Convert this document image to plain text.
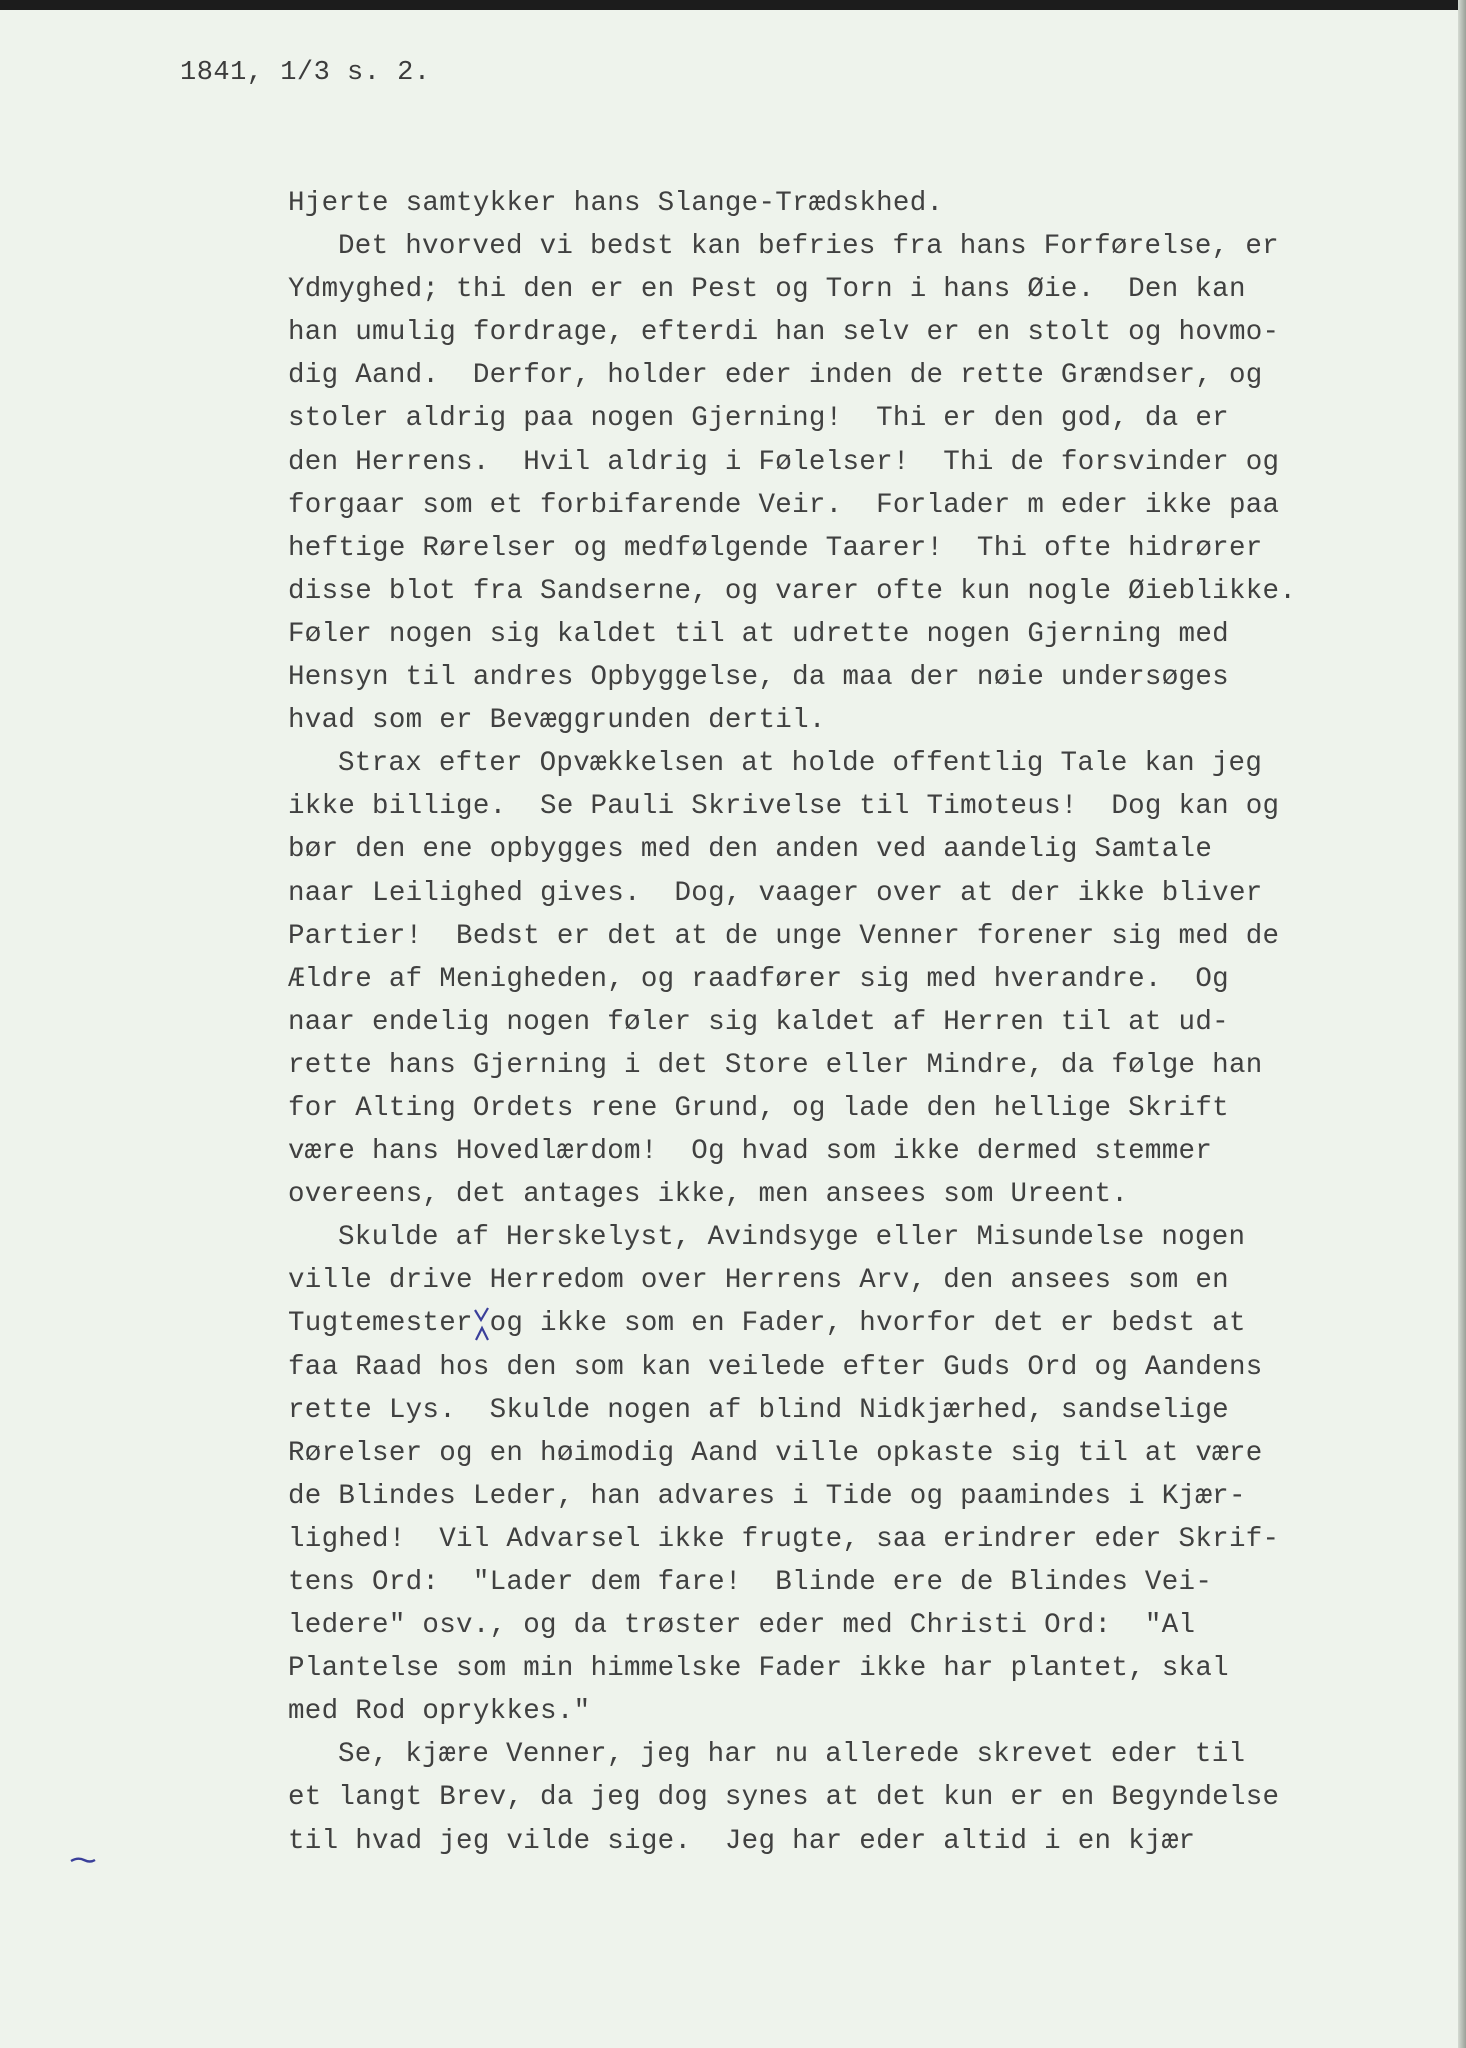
1841, 1/3 s. 2.
Hjerte samtykker hans Slange-Trædskhed.
Det hvorved vi bedst kan befries fra hans Forførelse, er
Ydmyghed; thi den er en Pest og Torn i hans Øie.  Den kan
han umulig fordrage, efterdi han selv er en stolt og hovmo-
dig Aand.  Derfor, holder eder inden de rette Grændser, og
stoler aldrig paa nogen Gjerning!  Thi er den god, da er
den Herrens.  Hvil aldrig i Følelser!  Thi de forsvinder og
forgaar som et forbifarende Veir.  Forlader m eder ikke paa
heftige Rørelser og medfølgende Taarer!  Thi ofte hidrører
disse blot fra Sandserne, og varer ofte kun nogle Øieblikke.
Føler nogen sig kaldet til at udrette nogen Gjerning med
Hensyn til andres Opbyggelse, da maa der nøie undersøges
hvad som er Bevæggrunden dertil.
Strax efter Opvækkelsen at holde offentlig Tale kan jeg
ikke billige.  Se Pauli Skrivelse til Timoteus!  Dog kan og
bør den ene opbygges med den anden ved aandelig Samtale
naar Leilighed gives.  Dog, vaager over at der ikke bliver
Partier!  Bedst er det at de unge Venner forener sig med de
Ældre af Menigheden, og raadfører sig med hverandre.  Og
naar endelig nogen føler sig kaldet af Herren til at ud-
rette hans Gjerning i det Store eller Mindre, da følge han
for Alting Ordets rene Grund, og lade den hellige Skrift
være hans Hovedlærdom!  Og hvad som ikke dermed stemmer
overeens, det antages ikke, men ansees som Ureent.
Skulde af Herskelyst, Avindsyge eller Misundelse nogen
ville drive Herredom over Herrens Arv, den ansees som en
Tugtemester og ikke som en Fader, hvorfor det er bedst at
faa Raad hos den som kan veilede efter Guds Ord og Aandens
rette Lys.  Skulde nogen af blind Nidkjærhed, sandselige
Rørelser og en høimodig Aand ville opkaste sig til at være
de Blindes Leder, han advares i Tide og paamindes i Kjær-
lighed!  Vil Advarsel ikke frugte, saa erindrer eder Skrif-
tens Ord:  "Lader dem fare!  Blinde ere de Blindes Vei-
ledere" osv., og da trøster eder med Christi Ord:  "Al
Plantelse som min himmelske Fader ikke har plantet, skal
med Rod oprykkes."
Se, kjære Venner, jeg har nu allerede skrevet eder til
et langt Brev, da jeg dog synes at det kun er en Begyndelse
til hvad jeg vilde sige.  Jeg har eder altid i en kjær
